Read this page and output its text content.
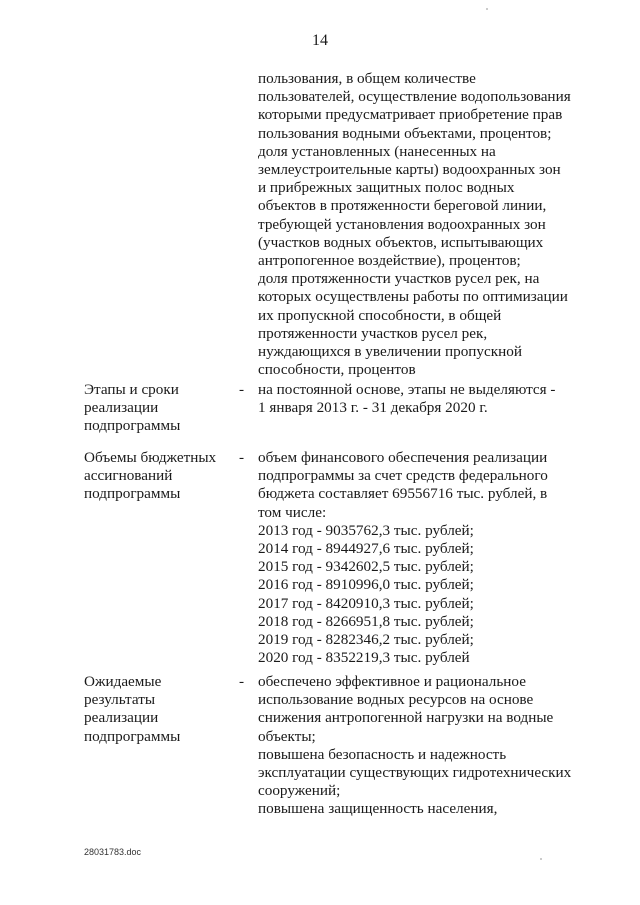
14
пользования, в общем количестве
пользователей, осуществление водопользования
которыми предусматривает приобретение прав
пользования водными объектами, процентов;
доля установленных (нанесенных на
землеустроительные карты) водоохранных зон
и прибрежных защитных полос водных
объектов в протяженности береговой линии,
требующей установления водоохранных зон
(участков водных объектов, испытывающих
антропогенное воздействие), процентов;
доля протяженности участков русел рек, на
которых осуществлены работы по оптимизации
их пропускной способности, в общей
протяженности участков русел рек,
нуждающихся в увеличении пропускной
способности, процентов
Этапы и сроки
реализации
подпрограммы
- на постоянной основе, этапы не выделяются -
1 января 2013 г. - 31 декабря 2020 г.
Объемы бюджетных
ассигнований
подпрограммы
- объем финансового обеспечения реализации
подпрограммы за счет средств федерального
бюджета составляет 69556716 тыс. рублей, в
том числе:
2013 год - 9035762,3 тыс. рублей;
2014 год - 8944927,6 тыс. рублей;
2015 год - 9342602,5 тыс. рублей;
2016 год - 8910996,0 тыс. рублей;
2017 год - 8420910,3 тыс. рублей;
2018 год - 8266951,8 тыс. рублей;
2019 год - 8282346,2 тыс. рублей;
2020 год - 8352219,3 тыс. рублей
Ожидаемые
результаты
реализации
подпрограммы
- обеспечено эффективное и рациональное
использование водных ресурсов на основе
снижения антропогенной нагрузки на водные
объекты;
повышена безопасность и надежность
эксплуатации существующих гидротехнических
сооружений;
повышена защищенность населения,
28031783.doc
